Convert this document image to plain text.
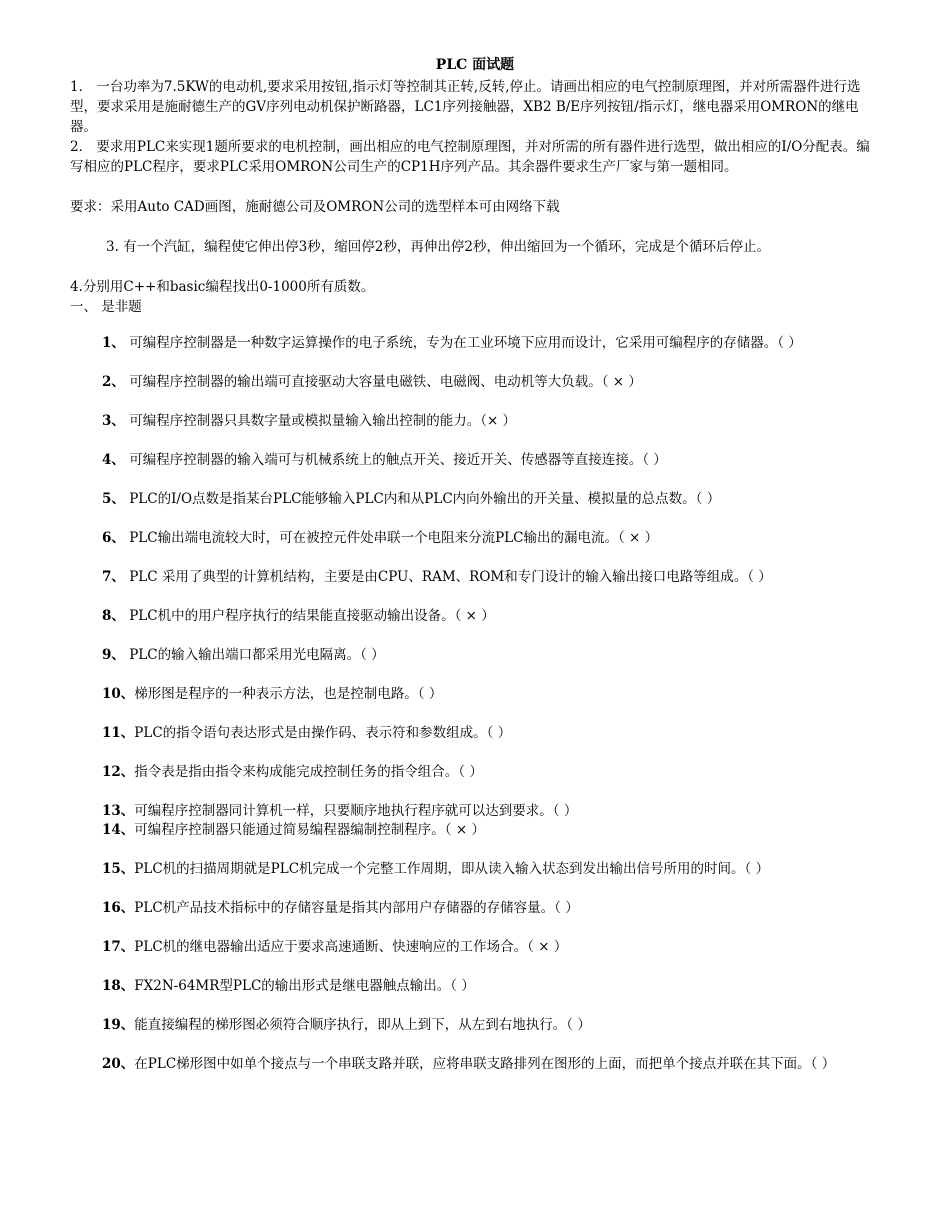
PLC 面试题

1． 一台功率为7.5KW的电动机,要求采用按钮,指示灯等控制其正转,反转,停止。请画出相应的电气控制原理图，并对所需器件进行选型，要求采用是施耐德生产的GV序列电动机保护断路器，LC1序列接触器，XB2 B/E序列按钮/指示灯，继电器采用OMRON的继电器。

2． 要求用PLC来实现1题所要求的电机控制，画出相应的电气控制原理图，并对所需的所有器件进行选型，做出相应的I/O分配表。编写相应的PLC程序，要求PLC采用OMRON公司生产的CP1H序列产品。其余器件要求生产厂家与第一题相同。

要求：采用Auto CAD画图，施耐德公司及OMRON公司的选型样本可由网络下载

3. 有一个汽缸，编程使它伸出停3秒，缩回停2秒，再伸出停2秒，伸出缩回为一个循环，完成是个循环后停止。

4.分别用C++和basic编程找出0-1000所有质数。

一、 是非题

1、 可编程序控制器是一种数字运算操作的电子系统，专为在工业环境下应用而设计，它采用可编程序的存储器。（ ）

2、 可编程序控制器的输出端可直接驱动大容量电磁铁、电磁阀、电动机等大负载。（ × ）

3、 可编程序控制器只具数字量或模拟量输入输出控制的能力。（× ）

4、 可编程序控制器的输入端可与机械系统上的触点开关、接近开关、传感器等直接连接。（ ）

5、 PLC的I/O点数是指某台PLC能够输入PLC内和从PLC内向外输出的开关量、模拟量的总点数。（ ）

6、 PLC输出端电流较大时，可在被控元件处串联一个电阻来分流PLC输出的漏电流。（ × ）

7、 PLC 采用了典型的计算机结构，主要是由CPU、RAM、ROM和专门设计的输入输出接口电路等组成。（ ）

8、 PLC机中的用户程序执行的结果能直接驱动输出设备。（ × ）

9、 PLC的输入输出端口都采用光电隔离。（ ）

10、梯形图是程序的一种表示方法，也是控制电路。（ ）

11、PLC的指令语句表达形式是由操作码、表示符和参数组成。（ ）

12、指令表是指由指令来构成能完成控制任务的指令组合。（ ）

13、可编程序控制器同计算机一样，只要顺序地执行程序就可以达到要求。（ ）

14、可编程序控制器只能通过简易编程器编制控制程序。（ × ）

15、PLC机的扫描周期就是PLC机完成一个完整工作周期，即从读入输入状态到发出输出信号所用的时间。（ ）

16、PLC机产品技术指标中的存储容量是指其内部用户存储器的存储容量。（ ）

17、PLC机的继电器输出适应于要求高速通断、快速响应的工作场合。（ × ）

18、FX2N-64MR型PLC的输出形式是继电器触点输出。（ ）

19、能直接编程的梯形图必须符合顺序执行，即从上到下，从左到右地执行。（ ）

20、在PLC梯形图中如单个接点与一个串联支路并联，应将串联支路排列在图形的上面，而把单个接点并联在其下面。（ ）
